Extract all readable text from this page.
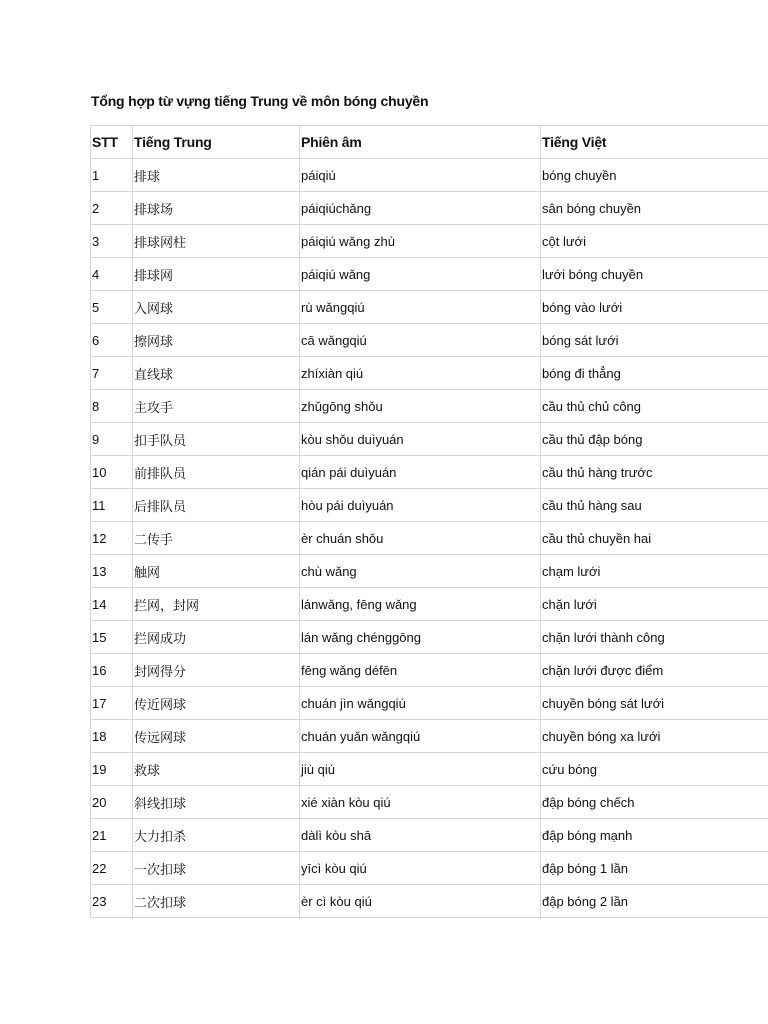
Tổng hợp từ vựng tiếng Trung về môn bóng chuyền
STT	Tiếng Trung	Phiên âm	Tiếng Việt
1	排球	páiqiú	bóng chuyền
2	排球场	páiqiúchǎng	sân bóng chuyền
3	排球网柱	páiqiú wǎng zhù	cột lưới
4	排球网	páiqiú wǎng	lưới bóng chuyền
5	入网球	rù wǎngqiú	bóng vào lưới
6	擦网球	cā wǎngqiú	bóng sát lưới
7	直线球	zhíxiàn qiú	bóng đi thẳng
8	主攻手	zhǔgōng shǒu	cầu thủ chủ công
9	扣手队员	kòu shǒu duìyuán	cầu thủ đập bóng
10	前排队员	qián pái duìyuán	cầu thủ hàng trước
11	后排队员	hòu pái duìyuán	cầu thủ hàng sau
12	二传手	èr chuán shǒu	cầu thủ chuyền hai
13	触网	chù wǎng	chạm lưới
14	拦网，封网	lánwǎng, fēng wǎng	chặn lưới
15	拦网成功	lán wǎng chénggōng	chặn lưới thành công
16	封网得分	fēng wǎng défēn	chặn lưới được điểm
17	传近网球	chuán jìn wǎngqiú	chuyền bóng sát lưới
18	传远网球	chuán yuǎn wǎngqiú	chuyền bóng xa lưới
19	救球	jiù qiú	cứu bóng
20	斜线扣球	xié xiàn kòu qiú	đập bóng chếch
21	大力扣杀	dàlì kòu shā	đập bóng mạnh
22	一次扣球	yīcì kòu qiú	đập bóng 1 lần
23	二次扣球	èr cì kòu qiú	đập bóng 2 lần
